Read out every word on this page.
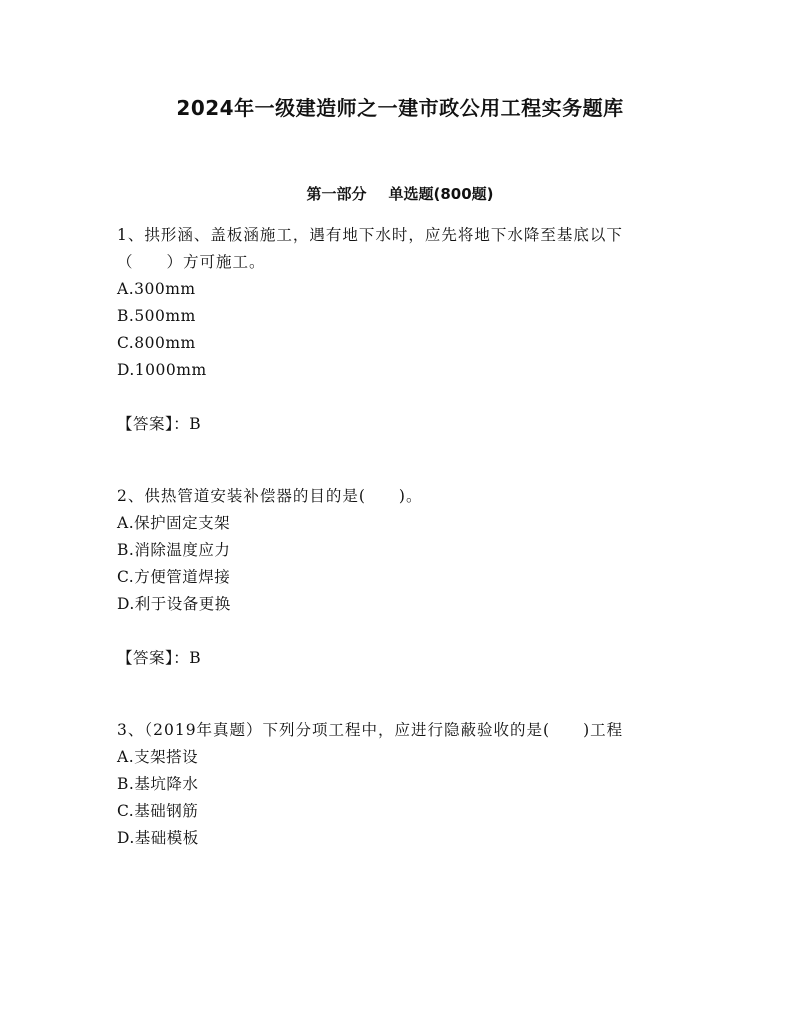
2024年一级建造师之一建市政公用工程实务题库
第一部分 单选题(800题)
1、拱形涵、盖板涵施工，遇有地下水时，应先将地下水降至基底以下（　　）方可施工。
A.300mm
B.500mm
C.800mm
D.1000mm
【答案】：B
2、供热管道安装补偿器的目的是(　　)。
A.保护固定支架
B.消除温度应力
C.方便管道焊接
D.利于设备更换
【答案】：B
3、（2019年真题）下列分项工程中，应进行隐蔽验收的是(　　)工程
A.支架搭设
B.基坑降水
C.基础钢筋
D.基础模板
